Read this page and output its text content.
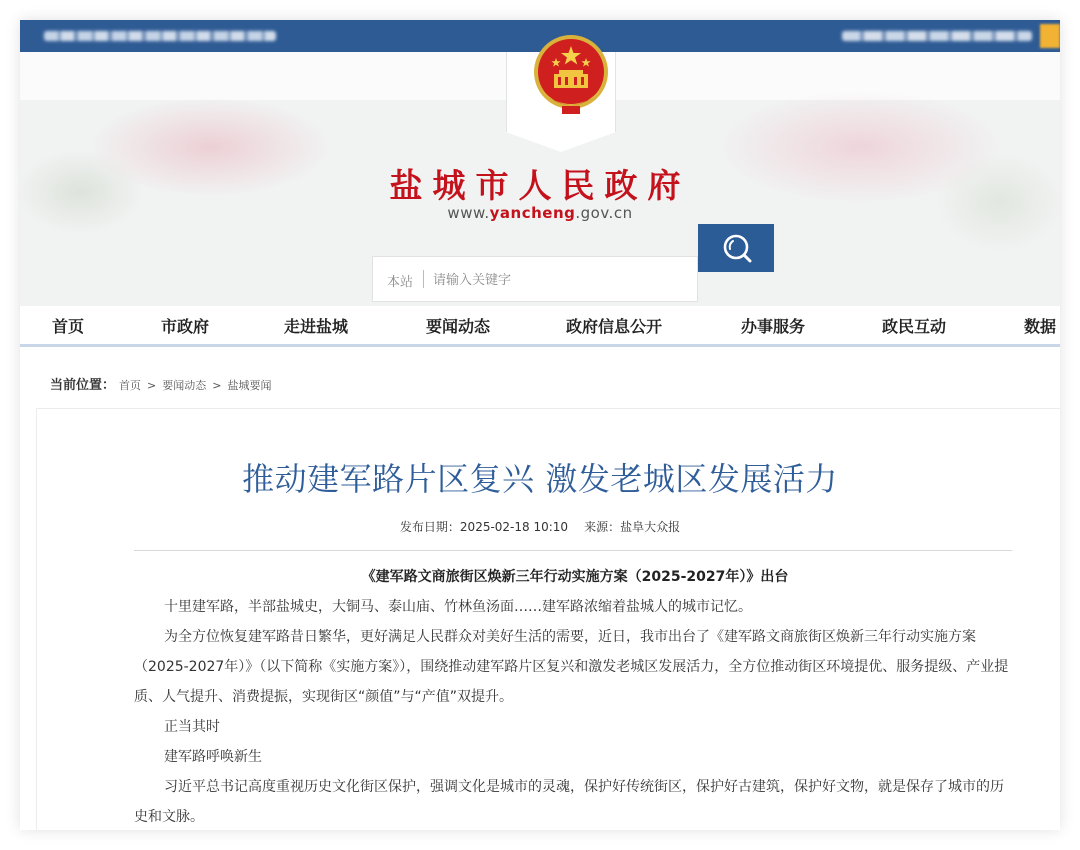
盐城市人民政府
www.yancheng.gov.cn
本站
请输入关键字
首页	市政府	走进盐城	要闻动态	政府信息公开	办事服务	政民互动	数据
当前位置： 首页 > 要闻动态 > 盐城要闻
推动建军路片区复兴 激发老城区发展活力
发布日期：2025-02-18 10:10 来源：盐阜大众报
《建军路文商旅街区焕新三年行动实施方案（2025-2027年）》出台
十里建军路，半部盐城史，大铜马、泰山庙、竹林鱼汤面……建军路浓缩着盐城人的城市记忆。
为全方位恢复建军路昔日繁华，更好满足人民群众对美好生活的需要，近日，我市出台了《建军路文商旅街区焕新三年行动实施方案（2025-2027年）》（以下简称《实施方案》），围绕推动建军路片区复兴和激发老城区发展活力，全方位推动街区环境提优、服务提级、产业提质、人气提升、消费提振，实现街区“颜值”与“产值”双提升。
正当其时
建军路呼唤新生
习近平总书记高度重视历史文化街区保护，强调文化是城市的灵魂，保护好传统街区，保护好古建筑，保护好文物，就是保存了城市的历史和文脉。
